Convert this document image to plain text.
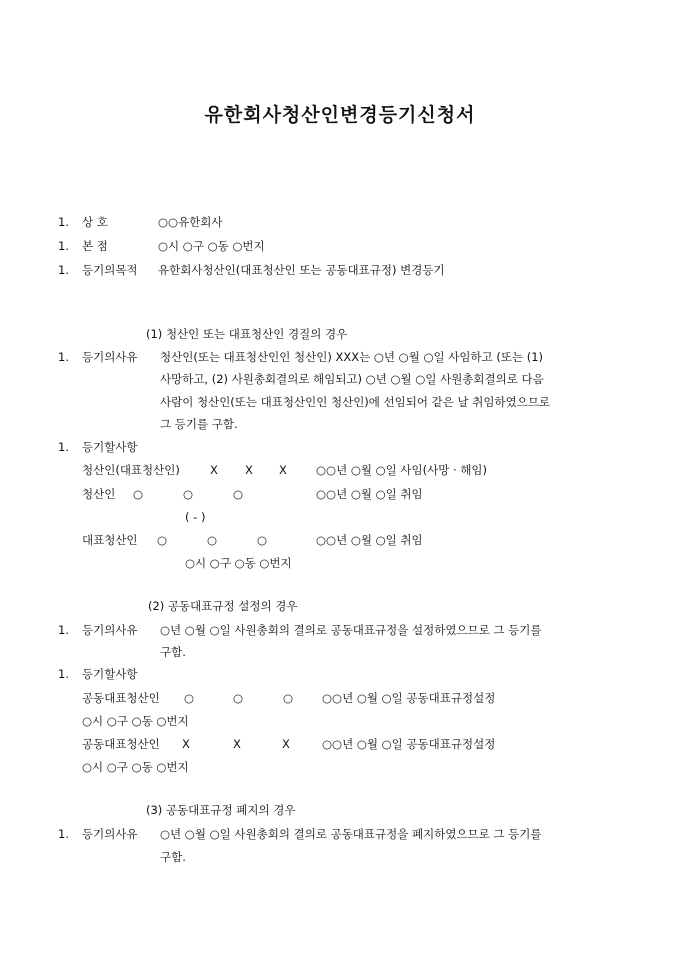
유한회사청산인변경등기신청서
1. 상 호	○○유한회사
1. 본 점	○시 ○구 ○동 ○번지
1. 등기의목적 유한회사청산인(대표청산인 또는 공동대표규정) 변경등기
(1) 청산인 또는 대표청산인 경질의 경우
1. 등기의사유 청산인(또는 대표청산인인 청산인) XXX는 ○년 ○월 ○일 사임하고 (또는 (1)
사망하고, (2) 사원총회결의로 해임되고) ○년 ○월 ○일 사원총회결의로 다음
사람이 청산인(또는 대표청산인인 청산인)에 선임되어 같은 날 취임하였으므로
그 등기를 구함.
1. 등기할사항
청산인(대표청산인)	X X X	○○년 ○월 ○일 사임(사망 · 해임)
청산인 ○	○	○	○○년 ○월 ○일 취임
( - )
대표청산인 ○	○	○	○○년 ○월 ○일 취임
○시 ○구 ○동 ○번지
(2) 공동대표규정 설정의 경우
1. 등기의사유 ○년 ○월 ○일 사원총회의 결의로 공동대표규정을 설정하였으므로 그 등기를
구함.
1. 등기할사항
공동대표청산인 ○	○	○	○○년 ○월 ○일 공동대표규정설정
○시 ○구 ○동 ○번지
공동대표청산인 X	X	X	○○년 ○월 ○일 공동대표규정설정
○시 ○구 ○동 ○번지
(3) 공동대표규정 폐지의 경우
1. 등기의사유 ○년 ○월 ○일 사원총회의 결의로 공동대표규정을 폐지하였으므로 그 등기를
구함.
